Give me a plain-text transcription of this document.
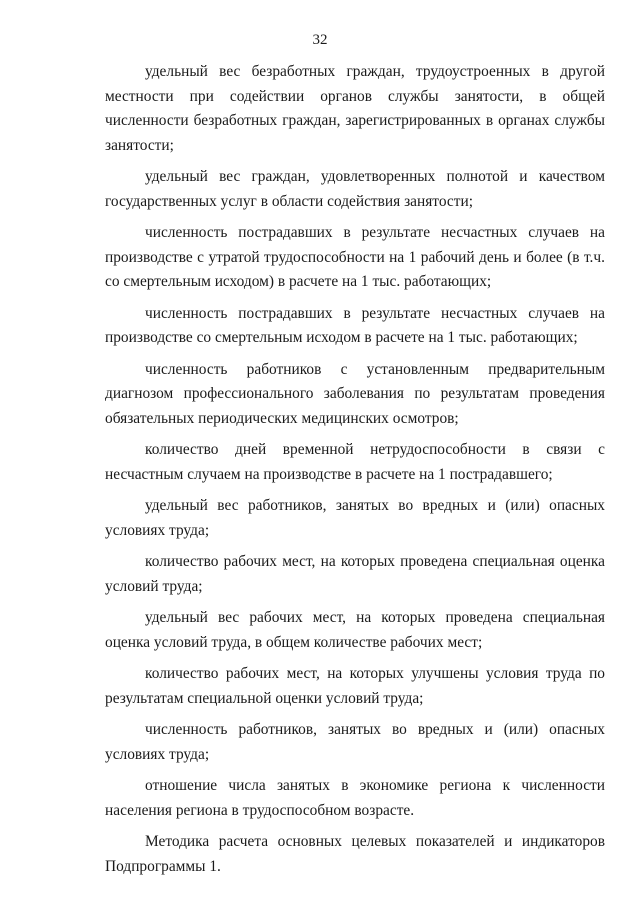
32

удельный вес безработных граждан, трудоустроенных в другой местности при содействии органов службы занятости, в общей численности безработных граждан, зарегистрированных в органах службы занятости;

удельный вес граждан, удовлетворенных полнотой и качеством государственных услуг в области содействия занятости;

численность пострадавших в результате несчастных случаев на производстве с утратой трудоспособности на 1 рабочий день и более (в т.ч. со смертельным исходом) в расчете на 1 тыс. работающих;

численность пострадавших в результате несчастных случаев на производстве со смертельным исходом в расчете на 1 тыс. работающих;

численность работников с установленным предварительным диагнозом профессионального заболевания по результатам проведения обязательных периодических медицинских осмотров;

количество дней временной нетрудоспособности в связи с несчастным случаем на производстве в расчете на 1 пострадавшего;

удельный вес работников, занятых во вредных и (или) опасных условиях труда;

количество рабочих мест, на которых проведена специальная оценка условий труда;

удельный вес рабочих мест, на которых проведена специальная оценка условий труда, в общем количестве рабочих мест;

количество рабочих мест, на которых улучшены условия труда по результатам специальной оценки условий труда;

численность работников, занятых во вредных и (или) опасных условиях труда;

отношение числа занятых в экономике региона к численности населения региона в трудоспособном возрасте.

Методика расчета основных целевых показателей и индикаторов Подпрограммы 1.
